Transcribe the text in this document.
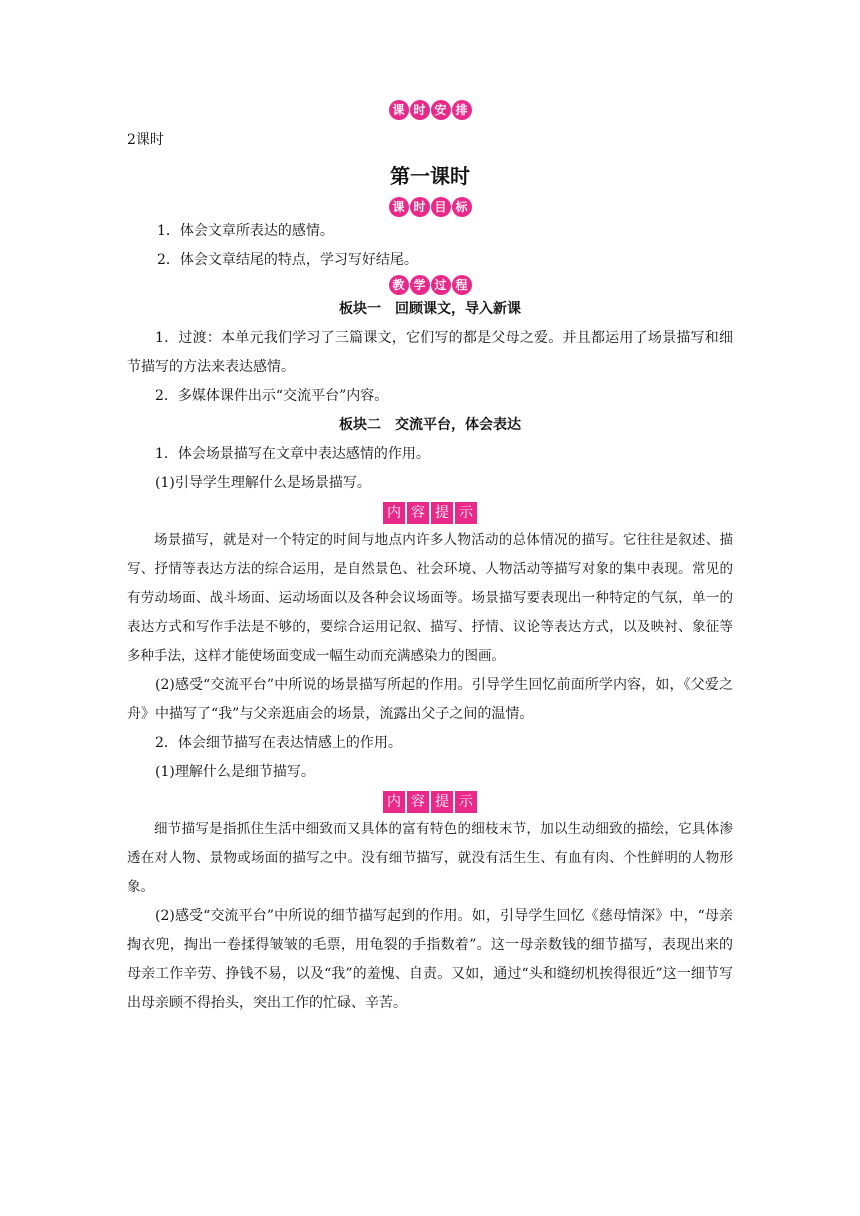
课 时 安 排

2课时

第一课时
课 时 目 标

1．体会文章所表达的感情。

2．体会文章结尾的特点，学习写好结尾。

教 学 过 程
板块一　回顾课文，导入新课

1．过渡：本单元我们学习了三篇课文，它们写的都是父母之爱。并且都运用了场景描写和细节描写的方法来表达感情。

2．多媒体课件出示“交流平台”内容。

板块二　交流平台，体会表达

1．体会场景描写在文章中表达感情的作用。

(1)引导学生理解什么是场景描写。

内 容 提 示

场景描写，就是对一个特定的时间与地点内许多人物活动的总体情况的描写。它往往是叙述、描写、抒情等表达方法的综合运用，是自然景色、社会环境、人物活动等描写对象的集中表现。常见的有劳动场面、战斗场面、运动场面以及各种会议场面等。场景描写要表现出一种特定的气氛，单一的表达方式和写作手法是不够的，要综合运用记叙、描写、抒情、议论等表达方式，以及映衬、象征等多种手法，这样才能使场面变成一幅生动而充满感染力的图画。

(2)感受“交流平台”中所说的场景描写所起的作用。引导学生回忆前面所学内容，如，《父爱之舟》中描写了“我”与父亲逛庙会的场景，流露出父子之间的温情。

2．体会细节描写在表达情感上的作用。

(1)理解什么是细节描写。

内 容 提 示

细节描写是指抓住生活中细致而又具体的富有特色的细枝末节，加以生动细致的描绘，它具体渗透在对人物、景物或场面的描写之中。没有细节描写，就没有活生生、有血有肉、个性鲜明的人物形象。

(2)感受“交流平台”中所说的细节描写起到的作用。如，引导学生回忆《慈母情深》中，“母亲掏衣兜，掏出一卷揉得皱皱的毛票，用龟裂的手指数着”。这一母亲数钱的细节描写，表现出来的母亲工作辛劳、挣钱不易，以及“我”的羞愧、自责。又如，通过“头和缝纫机挨得很近”这一细节写出母亲顾不得抬头，突出工作的忙碌、辛苦。
